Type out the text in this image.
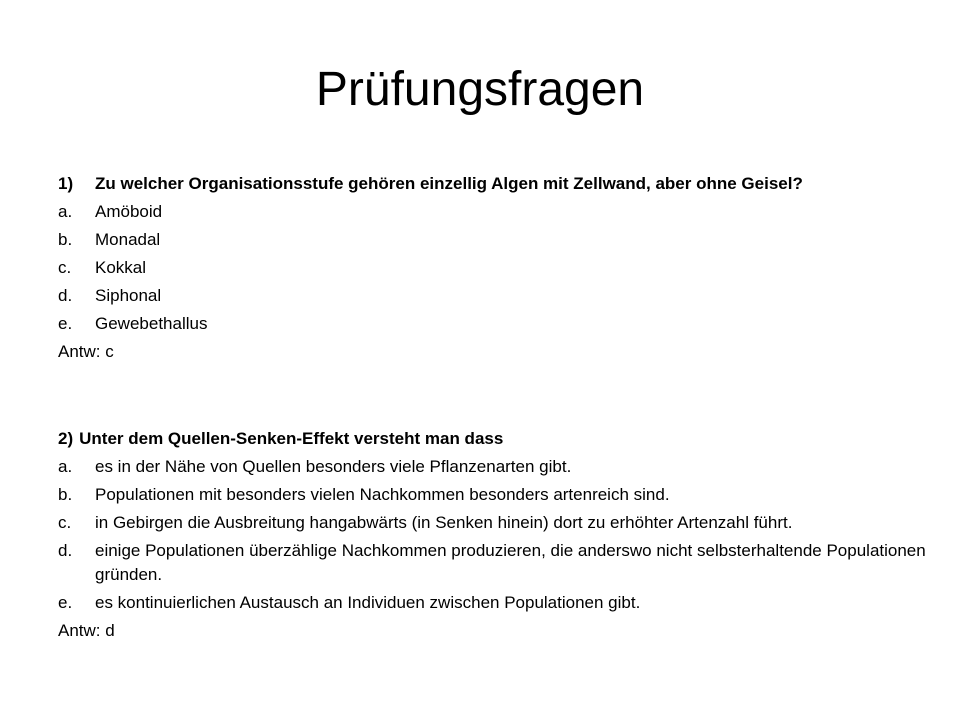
Prüfungsfragen
1)	Zu welcher Organisationsstufe gehören einzellig Algen mit Zellwand, aber ohne Geisel?
a.	Amöboid
b.	Monadal
c.	Kokkal
d.	Siphonal
e.	Gewebethallus
Antw: c
2) Unter dem Quellen-Senken-Effekt versteht man dass
a.	es in der Nähe von Quellen besonders viele Pflanzenarten gibt.
b.	Populationen mit besonders vielen Nachkommen besonders artenreich sind.
c.	in Gebirgen die Ausbreitung hangabwärts (in Senken hinein) dort zu erhöhter Artenzahl führt.
d.	einige Populationen überzählige Nachkommen produzieren, die anderswo nicht selbsterhaltende Populationen gründen.
e.	es kontinuierlichen Austausch an Individuen zwischen Populationen gibt.
Antw: d
